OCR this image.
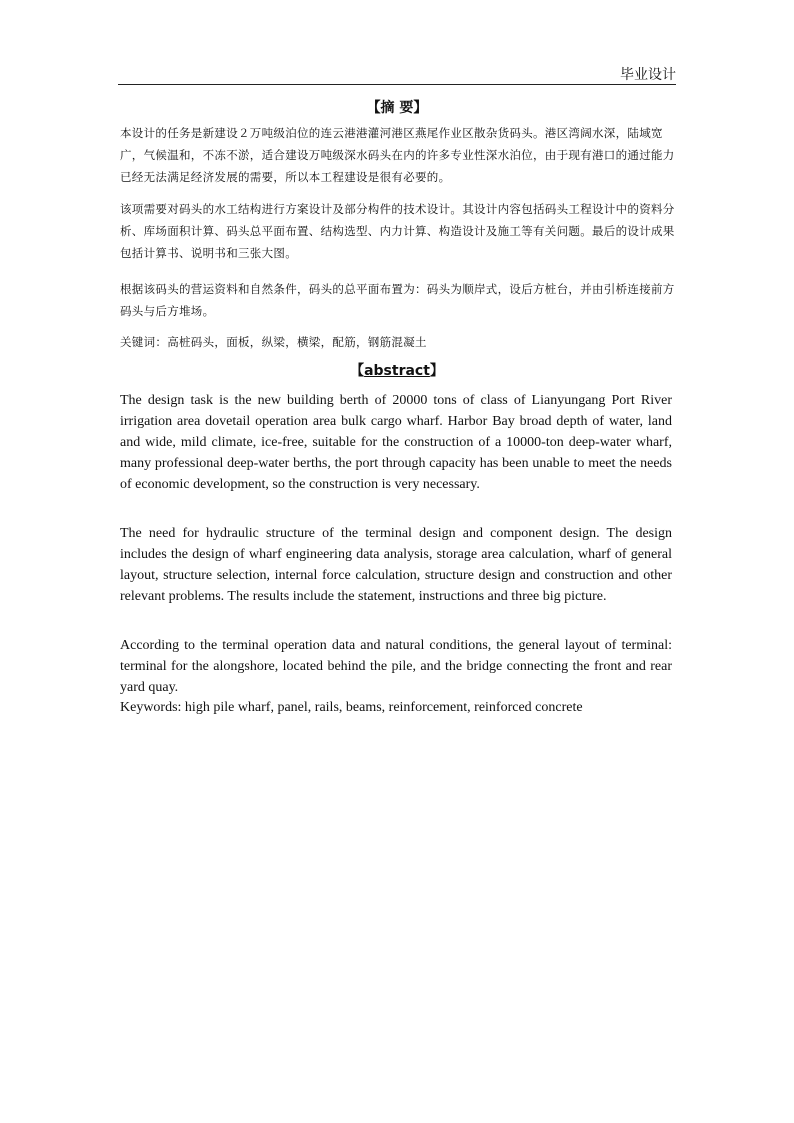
毕业设计
【摘 要】
本设计的任务是新建设２万吨级泊位的连云港港灌河港区燕尾作业区散杂货码头。港区湾阔水深，陆域宽广，气候温和，不冻不淤，适合建设万吨级深水码头在内的许多专业性深水泊位，由于现有港口的通过能力已经无法满足经济发展的需要，所以本工程建设是很有必要的。
该项需要对码头的水工结构进行方案设计及部分构件的技术设计。其设计内容包括码头工程设计中的资料分析、库场面积计算、码头总平面布置、结构选型、内力计算、构造设计及施工等有关问题。最后的设计成果包括计算书、说明书和三张大图。
根据该码头的营运资料和自然条件，码头的总平面布置为：码头为顺岸式，设后方桩台，并由引桥连接前方码头与后方堆场。
关键词：高桩码头，面板，纵梁，横梁，配筋，钢筋混凝土
【abstract】
The design task is the new building berth of 20000 tons of class of Lianyungang Port River irrigation area dovetail operation area bulk cargo wharf. Harbor Bay broad depth of water, land and wide, mild climate, ice-free, suitable for the construction of a 10000-ton deep-water wharf, many professional deep-water berths, the port through capacity has been unable to meet the needs of economic development, so the construction is very necessary.
The need for hydraulic structure of the terminal design and component design. The design includes the design of wharf engineering data analysis, storage area calculation, wharf of general layout, structure selection, internal force calculation, structure design and construction and other relevant problems. The results include the statement, instructions and three big picture.
According to the terminal operation data and natural conditions, the general layout of terminal: terminal for the alongshore, located behind the pile, and the bridge connecting the front and rear yard quay.
Keywords: high pile wharf, panel, rails, beams, reinforcement, reinforced concrete
